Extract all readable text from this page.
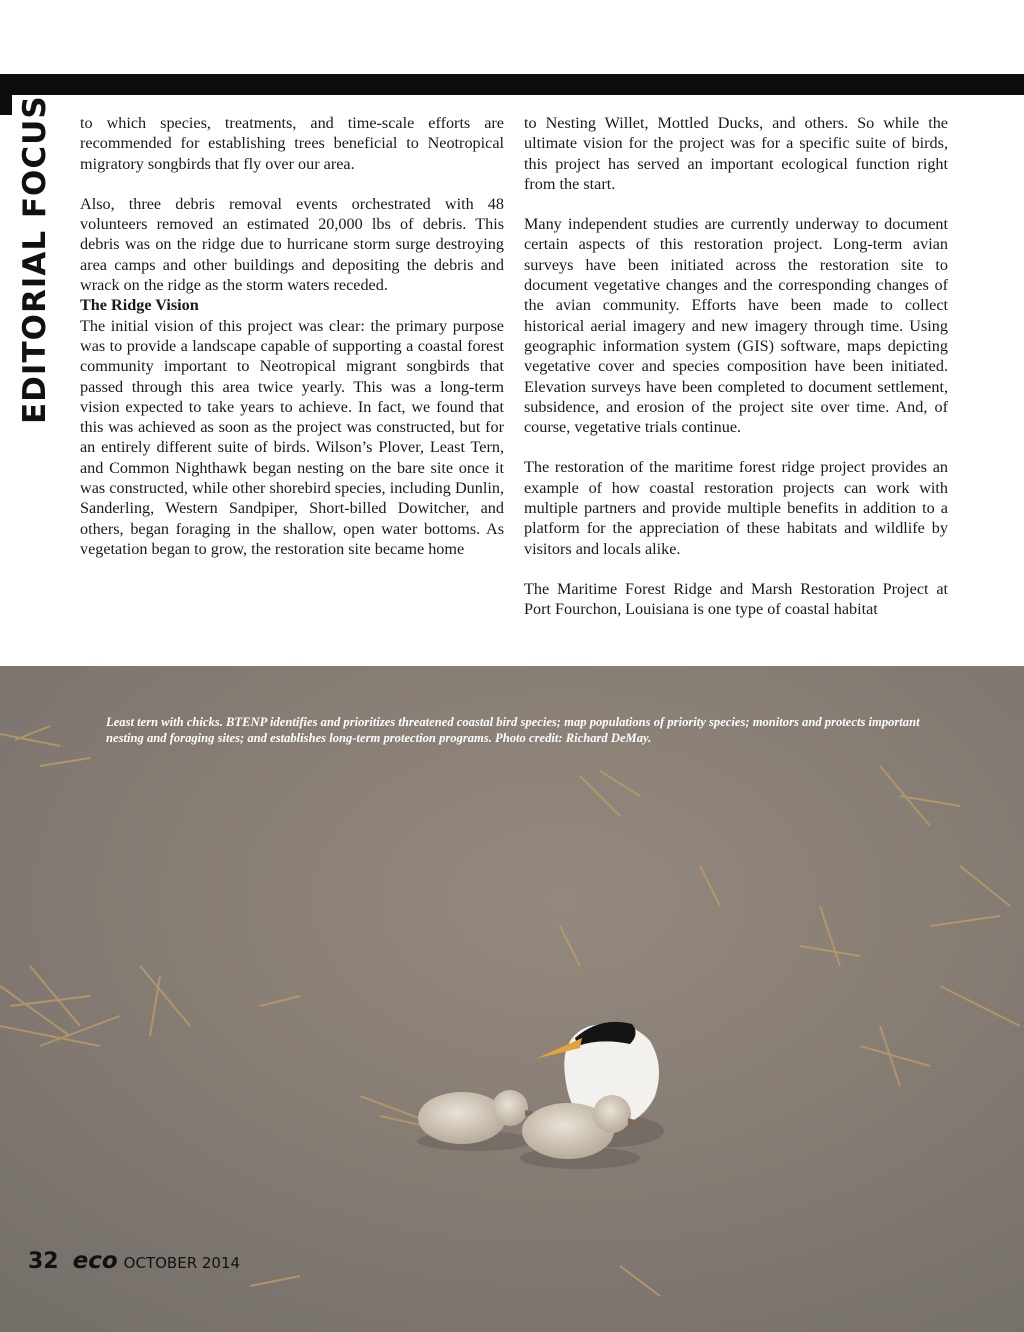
EDITORIAL FOCUS to which species, treatments, and time-scale efforts are recommended for establishing trees beneficial to Neotropical migratory songbirds that fly over our area.

Also, three debris removal events orchestrated with 48 volunteers removed an estimated 20,000 lbs of debris. This debris was on the ridge due to hurricane storm surge destroying area camps and other buildings and depositing the debris and wrack on the ridge as the storm waters receded.

The Ridge Vision

The initial vision of this project was clear: the primary purpose was to provide a landscape capable of supporting a coastal forest community important to Neotropical migrant songbirds that passed through this area twice yearly. This was a long-term vision expected to take years to achieve. In fact, we found that this was achieved as soon as the project was constructed, but for an entirely different suite of birds. Wilson’s Plover, Least Tern, and Common Nighthawk began nesting on the bare site once it was constructed, while other shorebird species, including Dunlin, Sanderling, Western Sandpiper, Short-billed Dowitcher, and others, began foraging in the shallow, open water bottoms. As vegetation began to grow, the restoration site became home

to Nesting Willet, Mottled Ducks, and others. So while the ultimate vision for the project was for a specific suite of birds, this project has served an important ecological function right from the start.

Many independent studies are currently underway to document certain aspects of this restoration project. Long-term avian surveys have been initiated across the restoration site to document vegetative changes and the corresponding changes of the avian community. Efforts have been made to collect historical aerial imagery and new imagery through time. Using geographic information system (GIS) software, maps depicting vegetative cover and species composition have been initiated. Elevation surveys have been completed to document settlement, subsidence, and erosion of the project site over time. And, of course, vegetative trials continue.

The restoration of the maritime forest ridge project provides an example of how coastal restoration projects can work with multiple partners and provide multiple benefits in addition to a platform for the appreciation of these habitats and wildlife by visitors and locals alike.

The Maritime Forest Ridge and Marsh Restoration Project at Port Fourchon, Louisiana is one type of coastal habitat

Least tern with chicks. BTENP identifies and prioritizes threatened coastal bird species; map populations of priority species; monitors and protects important nesting and foraging sites; and establishes long-term protection programs. Photo credit: Richard DeMay.
32 eco OCTOBER 2014
